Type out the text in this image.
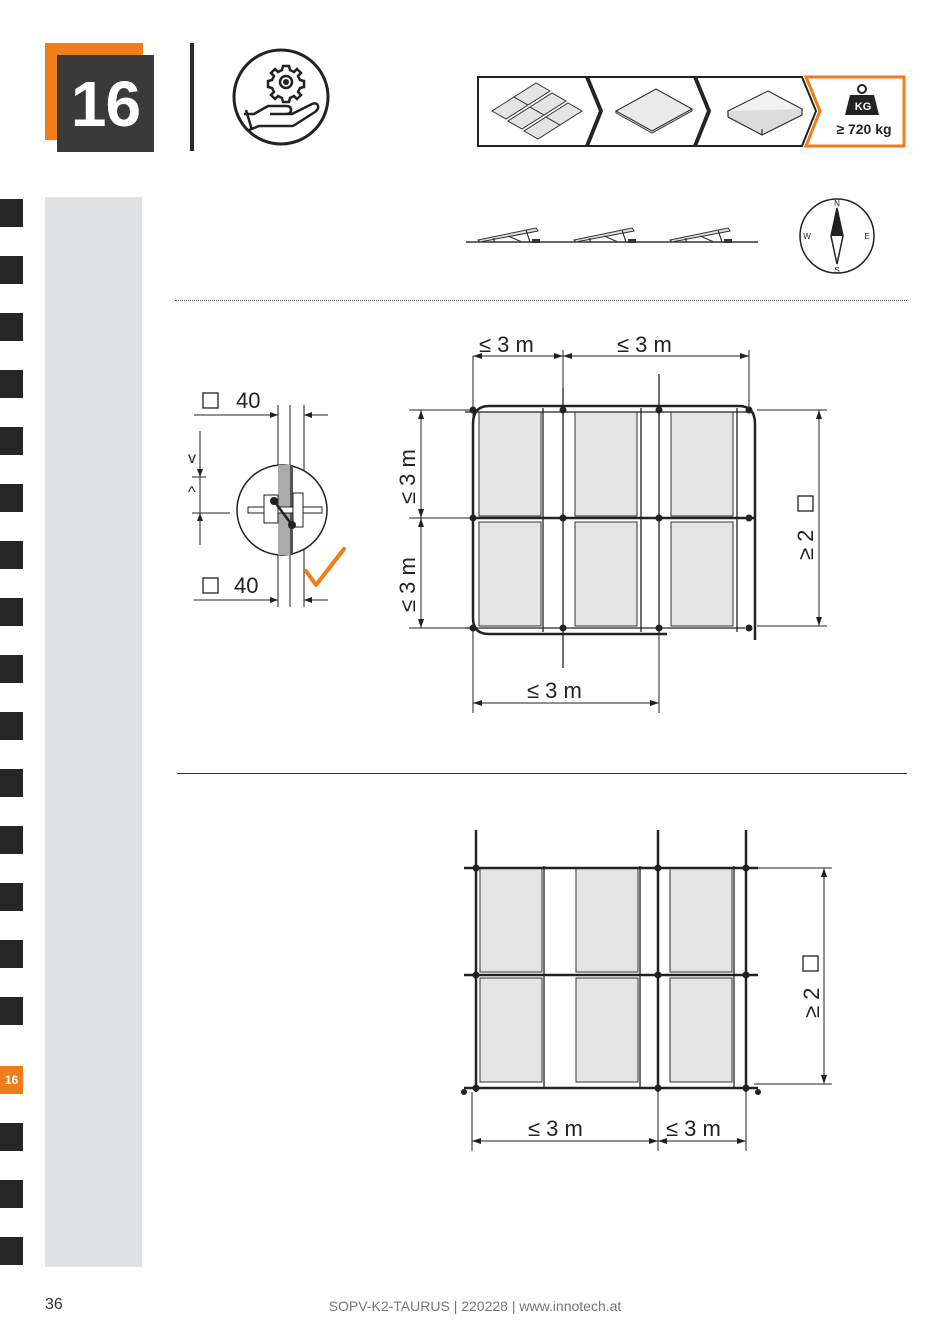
16	KG
≥ 720 kg
16
N
S
E
W
40
v
^
40
≤ 3 m	≤ 3 m
≤ 3 m
≤ 3 m
≤ 3 m
≥ 2
≥ 2
≤ 3 m	≤ 3 m
36	SOPV-K2-TAURUS | 220228 | www.innotech.at
